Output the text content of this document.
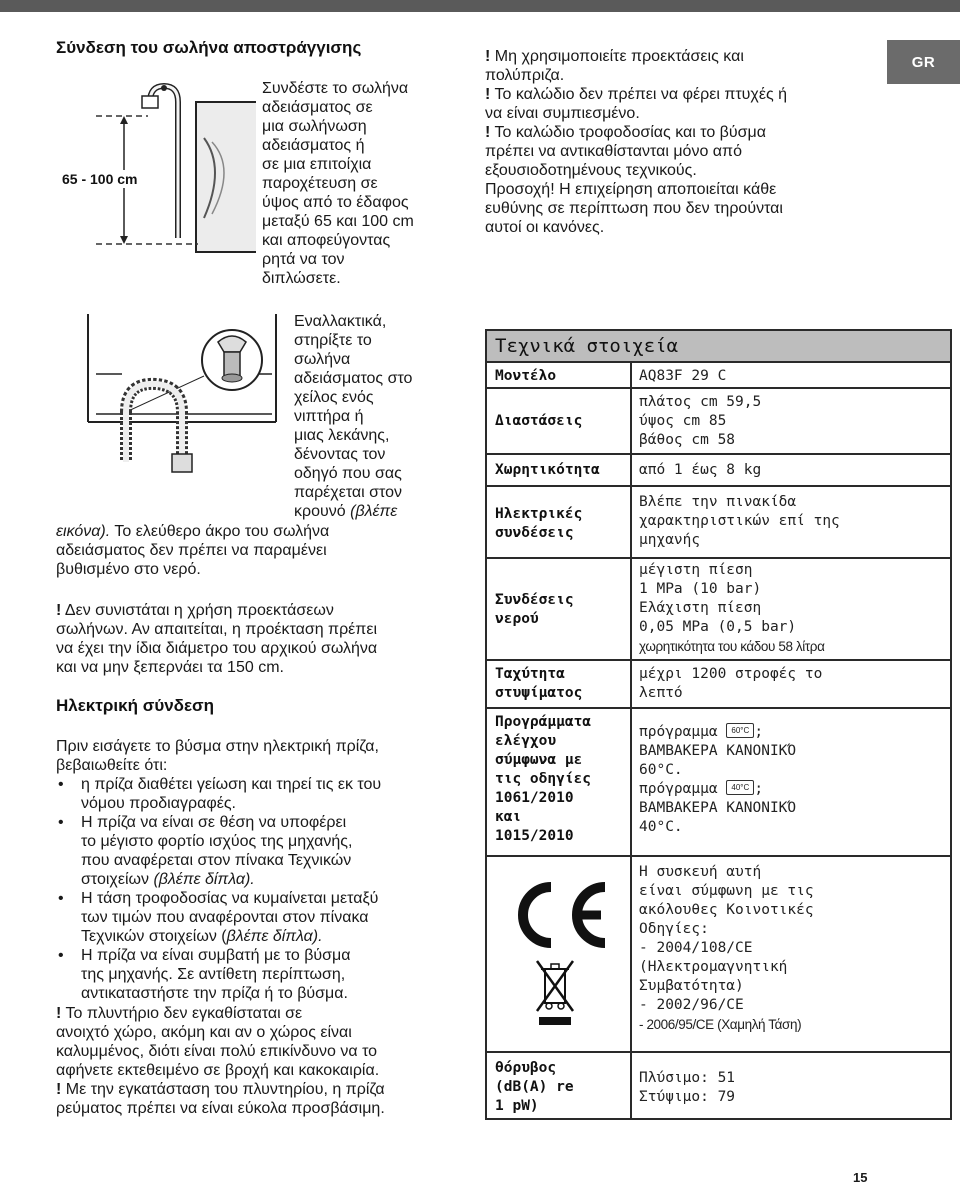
GR
Σύνδεση του σωλήνα αποστράγγισης
65 - 100 cm

Συνδέστε το σωλήνα
αδειάσματος σε
μια σωλήνωση
αδειάσματος ή
σε μια επιτοίχια
παροχέτευση σε
ύψος από το έδαφος
μεταξύ 65 και 100 cm
και αποφεύγοντας
ρητά να τον
διπλώσετε.

Εναλλακτικά,
στηρίξτε το
σωλήνα
αδειάσματος στο
χείλος ενός
νιπτήρα ή
μιας λεκάνης,
δένοντας τον
οδηγό που σας
παρέχεται στον
κρουνό (βλέπε

εικόνα). Το ελεύθερο άκρο του σωλήνα
αδειάσματος δεν πρέπει να παραμένει
βυθισμένο στο νερό.

! Δεν συνιστάται η χρήση προεκτάσεων
σωλήνων. Αν απαιτείται, η προέκταση πρέπει
να έχει την ίδια διάμετρο του αρχικού σωλήνα
και να μην ξεπερνάει τα 150 cm.

Ηλεκτρική σύνδεση

Πριν εισάγετε το βύσμα στην ηλεκτρική πρίζα,
βεβαιωθείτε ότι:

• η πρίζα διαθέτει γείωση και τηρεί τις εκ του
νόμου προδιαγραφές.
• Η πρίζα να είναι σε θέση να υποφέρει
το μέγιστο φορτίο ισχύος της μηχανής,
που αναφέρεται στον πίνακα Τεχνικών
στοιχείων (βλέπε δίπλα).
• Η τάση τροφοδοσίας να κυμαίνεται μεταξύ
των τιμών που αναφέρονται στον πίνακα
Τεχνικών στοιχείων (βλέπε δίπλα).
• Η πρίζα να είναι συμβατή με το βύσμα
της μηχανής. Σε αντίθετη περίπτωση,
αντικαταστήστε την πρίζα ή το βύσμα.

! Το πλυντήριο δεν εγκαθίσταται σε
ανοιχτό χώρο, ακόμη και αν ο χώρος είναι
καλυμμένος, διότι είναι πολύ επικίνδυνο να το
αφήνετε εκτεθειμένο σε βροχή και κακοκαιρία.
! Με την εγκατάσταση του πλυντηρίου, η πρίζα
ρεύματος πρέπει να είναι εύκολα προσβάσιμη.

! Μη χρησιμοποιείτε προεκτάσεις και
πολύπριζα.
! Το καλώδιο δεν πρέπει να φέρει πτυχές ή
να είναι συμπιεσμένο.
! Το καλώδιο τροφοδοσίας και το βύσμα
πρέπει να αντικαθίστανται μόνο από
εξουσιοδοτημένους τεχνικούς.
Προσοχή! Η επιχείρηση αποποιείται κάθε
ευθύνης σε περίπτωση που δεν τηρούνται
αυτοί οι κανόνες.

Τεχνικά στοιχεία
Μοντέλο	AQ83F 29 C
Διαστάσεις
πλάτος cm 59,5
ύψος cm 85
βάθος cm 58
Χωρητικότητα	από 1 έως 8 kg
Ηλεκτρικές
συνδέσεις
Βλέπε την πινακίδα
χαρακτηριστικών επί της
μηχανής
Συνδέσεις
νερού
μέγιστη πίεση
1 MPa (10 bar)
Ελάχιστη πίεση
0,05 MPa (0,5 bar)
χωρητικότητα του κάδου 58 λίτρα
Ταχύτητα
στυψίματος
μέχρι 1200 στροφές το
λεπτό
Προγράμματα
ελέγχου
σύμφωνα με
τις οδηγίες
1061/2010
και
1015/2010
πρόγραμμα 60°C ;
ΒΑΜΒΑΚΕΡΑ ΚΑΝΟΝΙΚΌ
60°C.
πρόγραμμα 40°C ;
ΒΑΜΒΑΚΕΡΑ ΚΑΝΟΝΙΚΌ
40°C.
Η συσκευή αυτή
είναι σύμφωνη με τις
ακόλουθες Κοινοτικές
Οδηγίες:
- 2004/108/CE
(Ηλεκτρομαγνητική
Συμβατότητα)
- 2002/96/CE
- 2006/95/CE (Χαμηλή Τάση)
θόρυβος
(dB(A) re
1 pW)
Πλύσιμο: 51
Στύψιμο: 79
15
